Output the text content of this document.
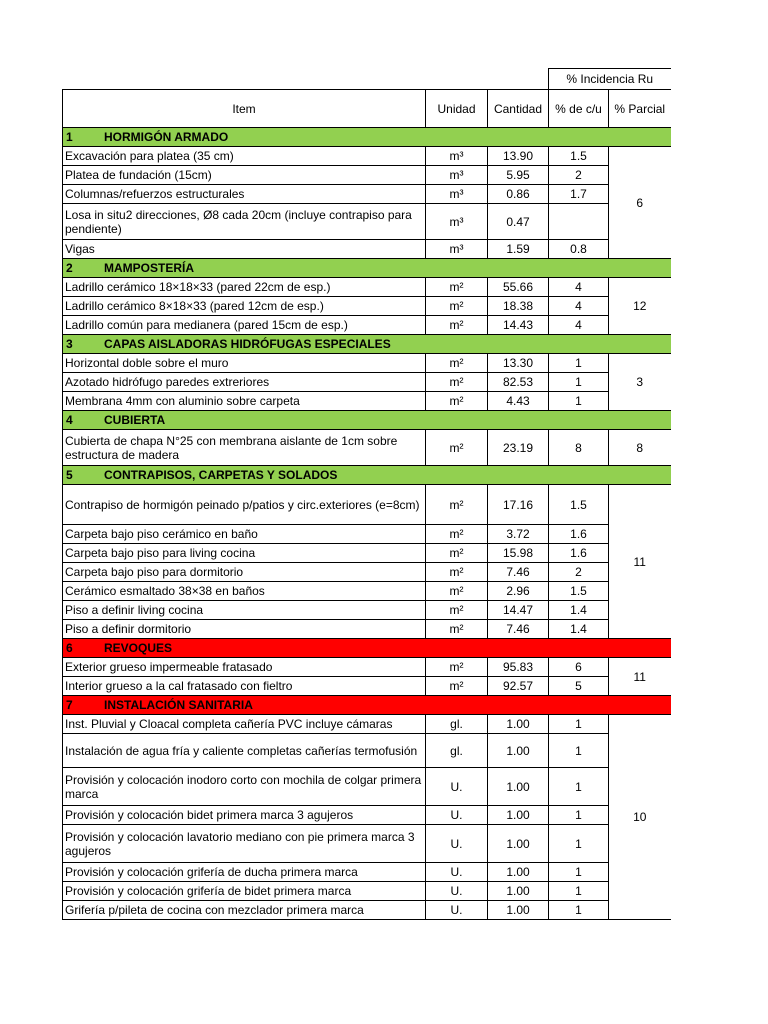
			% Incidencia Ru	
Item	Unidad	Cantidad	% de c/u	% Parcial
1 HORMIGÓN ARMADO				
Excavación para platea (35 cm)	m³	13.90	1.5	6
Platea de fundación (15cm)	m³	5.95	2	
Columnas/refuerzos estructurales	m³	0.86	1.7	
Losa in situ2 direcciones, Ø8 cada 20cm (incluye contrapiso para pendiente)	m³	0.47		
Vigas	m³	1.59	0.8	
2 MAMPOSTERÍA				
Ladrillo cerámico 18×18×33 (pared 22cm de esp.)	m²	55.66	4	12
Ladrillo cerámico 8×18×33 (pared 12cm de esp.)	m²	18.38	4	
Ladrillo común para medianera (pared 15cm de esp.)	m²	14.43	4	
3 CAPAS AISLADORAS HIDRÓFUGAS ESPECIALES				
Horizontal doble sobre el muro	m²	13.30	1	3
Azotado hidrófugo paredes extreriores	m²	82.53	1	
Membrana 4mm con aluminio sobre carpeta	m²	4.43	1	
4 CUBIERTA				
Cubierta de chapa N°25 con membrana aislante de 1cm sobre estructura de madera	m²	23.19	8	8
5 CONTRAPISOS, CARPETAS Y SOLADOS				
Contrapiso de hormigón peinado p/patios y circ.exteriores (e=8cm)	m²	17.16	1.5	11
Carpeta bajo piso cerámico en baño	m²	3.72	1.6	
Carpeta bajo piso para living cocina	m²	15.98	1.6	
Carpeta bajo piso para dormitorio	m²	7.46	2	
Cerámico esmaltado 38×38 en baños	m²	2.96	1.5	
Piso a definir living cocina	m²	14.47	1.4	
Piso a definir dormitorio	m²	7.46	1.4	
6 REVOQUES				
Exterior grueso impermeable fratasado	m²	95.83	6	11
Interior grueso a la cal fratasado con fieltro	m²	92.57	5	
7 INSTALACIÓN SANITARIA				
Inst. Pluvial y Cloacal completa cañería PVC incluye cámaras	gl.	1.00	1	10
Instalación de agua fría y caliente completas cañerías termofusión	gl.	1.00	1	
Provisión y colocación inodoro corto con mochila de colgar primera marca	U.	1.00	1	
Provisión y colocación bidet primera marca 3 agujeros	U.	1.00	1	
Provisión y colocación lavatorio mediano con pie primera marca 3 agujeros	U.	1.00	1	
Provisión y colocación grifería de ducha primera marca	U.	1.00	1	
Provisión y colocación grifería de bidet primera marca	U.	1.00	1	
Grifería p/pileta de cocina con mezclador primera marca	U.	1.00	1	
